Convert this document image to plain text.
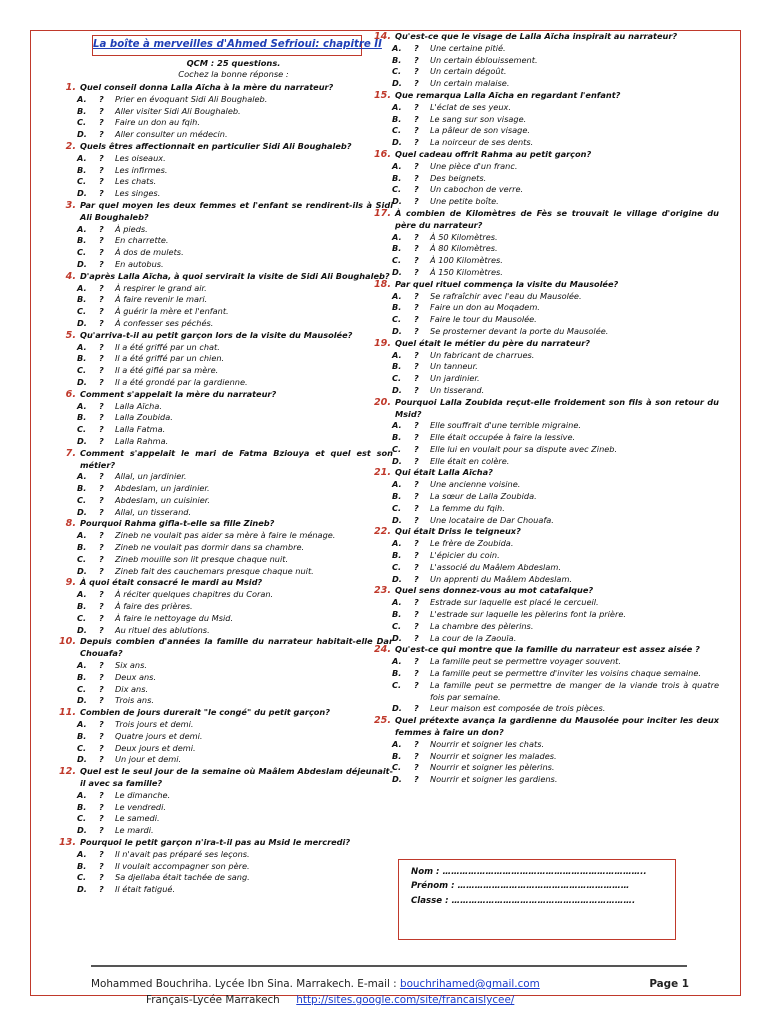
La boîte à merveilles d'Ahmed Sefrioui: chapitre II
QCM : 25 questions.
Cochez la bonne réponse :
1. Quel conseil donna Lalla Aïcha à la mère du narrateur?
A.	?	Prier en évoquant Sidi Ali Boughaleb.
B.	?	Aller visiter Sidi Ali Boughaleb.
C.	?	Faire un don au fqih.
D.	?	Aller consulter un médecin.
2. Quels êtres affectionnait en particulier Sidi Ali Boughaleb?
A.	?	Les oiseaux.
B.	?	Les infirmes.
C.	?	Les chats.
D.	?	Les singes.
3. Par quel moyen les deux femmes et l'enfant se rendirent-ils à Sidi Ali Boughaleb?
A.	?	À pieds.
B.	?	En charrette.
C.	?	À dos de mulets.
D.	?	En autobus.
4. D'après Lalla Aïcha, à quoi servirait la visite de Sidi Ali Boughaleb?
A.	?	À respirer le grand air.
B.	?	À faire revenir le mari.
C.	?	À guérir la mère et l'enfant.
D.	?	À confesser ses péchés.
5. Qu'arriva-t-il au petit garçon lors de la visite du Mausolée?
A.	?	Il a été griffé par un chat.
B.	?	Il a été griffé par un chien.
C.	?	Il a été giflé par sa mère.
D.	?	Il a été grondé par la gardienne.
6. Comment s'appelait la mère du narrateur?
A.	?	Lalla Aïcha.
B.	?	Lalla Zoubida.
C.	?	Lalla Fatma.
D.	?	Lalla Rahma.
7. Comment s'appelait le mari de Fatma Bziouya et quel est son métier?
A.	?	Allal, un jardinier.
B.	?	Abdeslam, un jardinier.
C.	?	Abdeslam, un cuisinier.
D.	?	Allal, un tisserand.
8. Pourquoi Rahma gifla-t-elle sa fille Zineb?
A.	?	Zineb ne voulait pas aider sa mère à faire le ménage.
B.	?	Zineb ne voulait pas dormir dans sa chambre.
C.	?	Zineb mouille son lit presque chaque nuit.
D.	?	Zineb fait des cauchemars presque chaque nuit.
9. À quoi était consacré le mardi au Msid?
A.	?	À réciter quelques chapitres du Coran.
B.	?	À faire des prières.
C.	?	À faire le nettoyage du Msid.
D.	?	Au rituel des ablutions.
10. Depuis combien d'années la famille du narrateur habitait-elle Dar Chouafa?
A.	?	Six ans.
B.	?	Deux ans.
C.	?	Dix ans.
D.	?	Trois ans.
11. Combien de jours durerait "le congé" du petit garçon?
A.	?	Trois jours et demi.
B.	?	Quatre jours et demi.
C.	?	Deux jours et demi.
D.	?	Un jour et demi.
12. Quel est le seul jour de la semaine où Maâlem Abdeslam déjeunait-il avec sa famille?
A.	?	Le dimanche.
B.	?	Le vendredi.
C.	?	Le samedi.
D.	?	Le mardi.
13. Pourquoi le petit garçon n'ira-t-il pas au Msid le mercredi?
A.	?	Il n'avait pas préparé ses leçons.
B.	?	Il voulait accompagner son père.
C.	?	Sa djellaba était tachée de sang.
D.	?	Il était fatigué.
14. Qu'est-ce que le visage de Lalla Aïcha inspirait au narrateur?
A.	?	Une certaine pitié.
B.	?	Un certain éblouissement.
C.	?	Un certain dégoût.
D.	?	Un certain malaise.
15. Que remarqua Lalla Aïcha en regardant l'enfant?
A.	?	L'éclat de ses yeux.
B.	?	Le sang sur son visage.
C.	?	La pâleur de son visage.
D.	?	La noirceur de ses dents.
16. Quel cadeau offrit Rahma au petit garçon?
A.	?	Une pièce d'un franc.
B.	?	Des beignets.
C.	?	Un cabochon de verre.
D.	?	Une petite boîte.
17. À combien de Kilomètres de Fès se trouvait le village d'origine du père du narrateur?
A.	?	À 50 Kilomètres.
B.	?	À 80 Kilomètres.
C.	?	À 100 Kilomètres.
D.	?	À 150 Kilomètres.
18. Par quel rituel commença la visite du Mausolée?
A.	?	Se rafraîchir avec l'eau du Mausolée.
B.	?	Faire un don au Moqadem.
C.	?	Faire le tour du Mausolée.
D.	?	Se prosterner devant la porte du Mausolée.
19. Quel était le métier du père du narrateur?
A.	?	Un fabricant de charrues.
B.	?	Un tanneur.
C.	?	Un jardinier.
D.	?	Un tisserand.
20. Pourquoi Lalla Zoubida reçut-elle froidement son fils à son retour du Msid?
A.	?	Elle souffrait d'une terrible migraine.
B.	?	Elle était occupée à faire la lessive.
C.	?	Elle lui en voulait pour sa dispute avec Zineb.
D.	?	Elle était en colère.
21. Qui était Lalla Aïcha?
A.	?	Une ancienne voisine.
B.	?	La sœur de Lalla Zoubida.
C.	?	La femme du fqih.
D.	?	Une locataire de Dar Chouafa.
22. Qui était Driss le teigneux?
A.	?	Le frère de Zoubida.
B.	?	L'épicier du coin.
C.	?	L'associé du Maâlem Abdeslam.
D.	?	Un apprenti du Maâlem Abdeslam.
23. Quel sens donnez-vous au mot catafalque?
A.	?	Estrade sur laquelle est placé le cercueil.
B.	?	L'estrade sur laquelle les pèlerins font la prière.
C.	?	La chambre des pèlerins.
D.	?	La cour de la Zaouïa.
24. Qu'est-ce qui montre que la famille du narrateur est assez aisée ?
A.	?	La famille peut se permettre voyager souvent.
B.	?	La famille peut se permettre d'inviter les voisins chaque semaine.
C.	?	La famille peut se permettre de manger de la viande trois à quatre fois par semaine.
D.	?	Leur maison est composée de trois pièces.
25. Quel prétexte avança la gardienne du Mausolée pour inciter les deux femmes à faire un don?
A.	?	Nourrir et soigner les chats.
B.	?	Nourrir et soigner les malades.
C.	?	Nourrir et soigner les pèlerins.
D.	?	Nourrir et soigner les gardiens.
Nom : ……………………………………………………………..
Prénom : ……………………………………………………
Classe : ……………………………………………………….
Mohammed Bouchriha. Lycée Ibn Sina. Marrakech. E-mail : bouchrihamed@gmail.com	Page 1
Français-Lycée Marrakech http://sites.google.com/site/francaislycee/
